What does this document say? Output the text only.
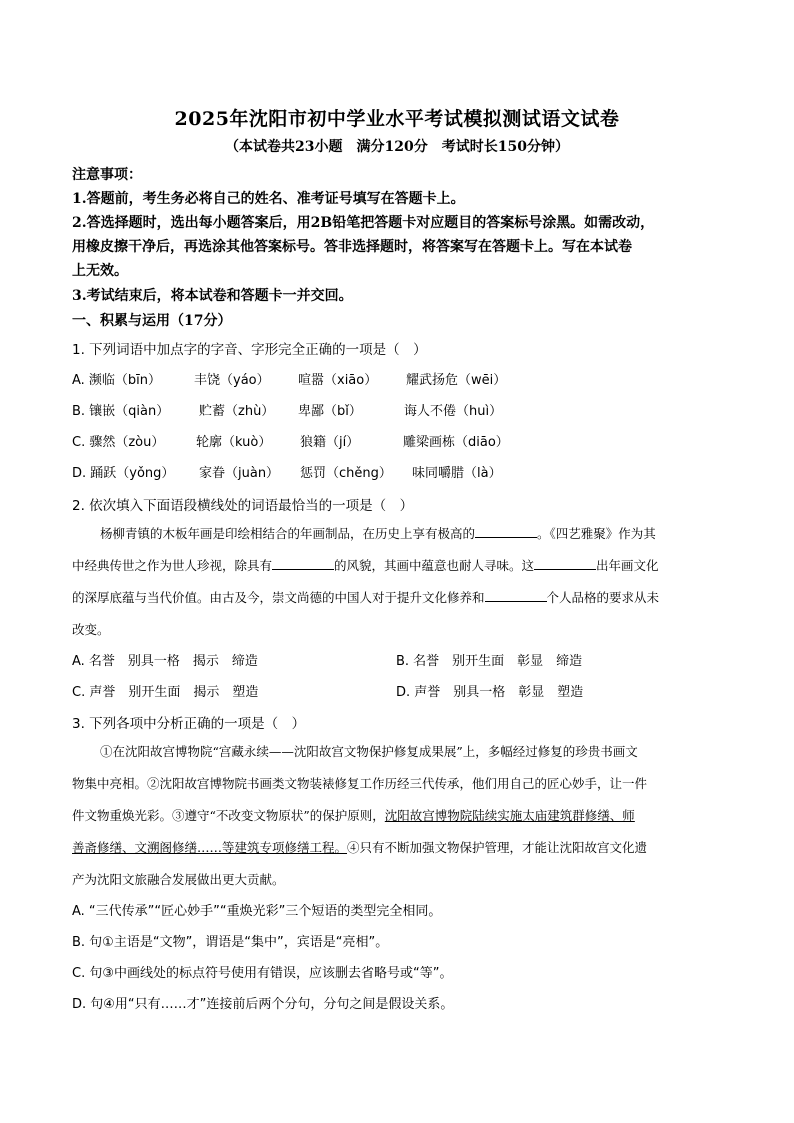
2025年沈阳市初中学业水平考试模拟测试语文试卷
（本试卷共23小题　满分120分　考试时长150分钟）
注意事项：
1.答题前，考生务必将自己的姓名、准考证号填写在答题卡上。
2.答选择题时，选出每小题答案后，用2B铅笔把答题卡对应题目的答案标号涂黑。如需改动，
用橡皮擦干净后，再选涂其他答案标号。答非选择题时，将答案写在答题卡上。写在本试卷
上无效。
3.考试结束后，将本试卷和答题卡一并交回。
一、积累与运用（17分）
1. 下列词语中加点字的字音、字形完全正确的一项是（　）
A. 濒临（bīn）	丰饶（yáo） 喧嚣（xiāo） 耀武扬危（wēi）
B. 镶嵌（qiàn） 贮蓄（zhù） 卑鄙（bǐ）	诲人不倦（huì）
C. 骤然（zòu） 轮廓（kuò） 狼籍（jí）	雕梁画栋（diāo）
D. 踊跃（yǒng） 家眷（juàn） 惩罚（chěng） 味同嚼腊（là）
2. 依次填入下面语段横线处的词语最恰当的一项是（　）

杨柳青镇的木板年画是印绘相结合的年画制品，在历史上享有极高的	。《四艺雅聚》作为其

中经典传世之作为世人珍视，除具有	的风貌，其画中蕴意也耐人寻味。这	出年画文化

的深厚底蕴与当代价值。由古及今，崇文尚德的中国人对于提升文化修养和	个人品格的要求从未

改变。

A. 名誉　别具一格　揭示　缔造	B. 名誉　别开生面　彰显　缔造
C. 声誉　别开生面　揭示　塑造	D. 声誉　别具一格　彰显　塑造
3. 下列各项中分析正确的一项是（　）

①在沈阳故宫博物院“宫藏永续——沈阳故宫文物保护修复成果展”上，多幅经过修复的珍贵书画文

物集中亮相。②沈阳故宫博物院书画类文物装裱修复工作历经三代传承，他们用自己的匠心妙手，让一件

件文物重焕光彩。③遵守“不改变文物原状”的保护原则，沈阳故宫博物院陆续实施太庙建筑群修缮、师

善斋修缮、文溯阁修缮……等建筑专项修缮工程。④只有不断加强文物保护管理，才能让沈阳故宫文化遗

产为沈阳文旅融合发展做出更大贡献。

A. “三代传承”“匠心妙手”“重焕光彩”三个短语的类型完全相同。
B. 句①主语是“文物”，谓语是“集中”，宾语是“亮相”。
C. 句③中画线处的标点符号使用有错误，应该删去省略号或“等”。
D. 句④用“只有……才”连接前后两个分句，分句之间是假设关系。
